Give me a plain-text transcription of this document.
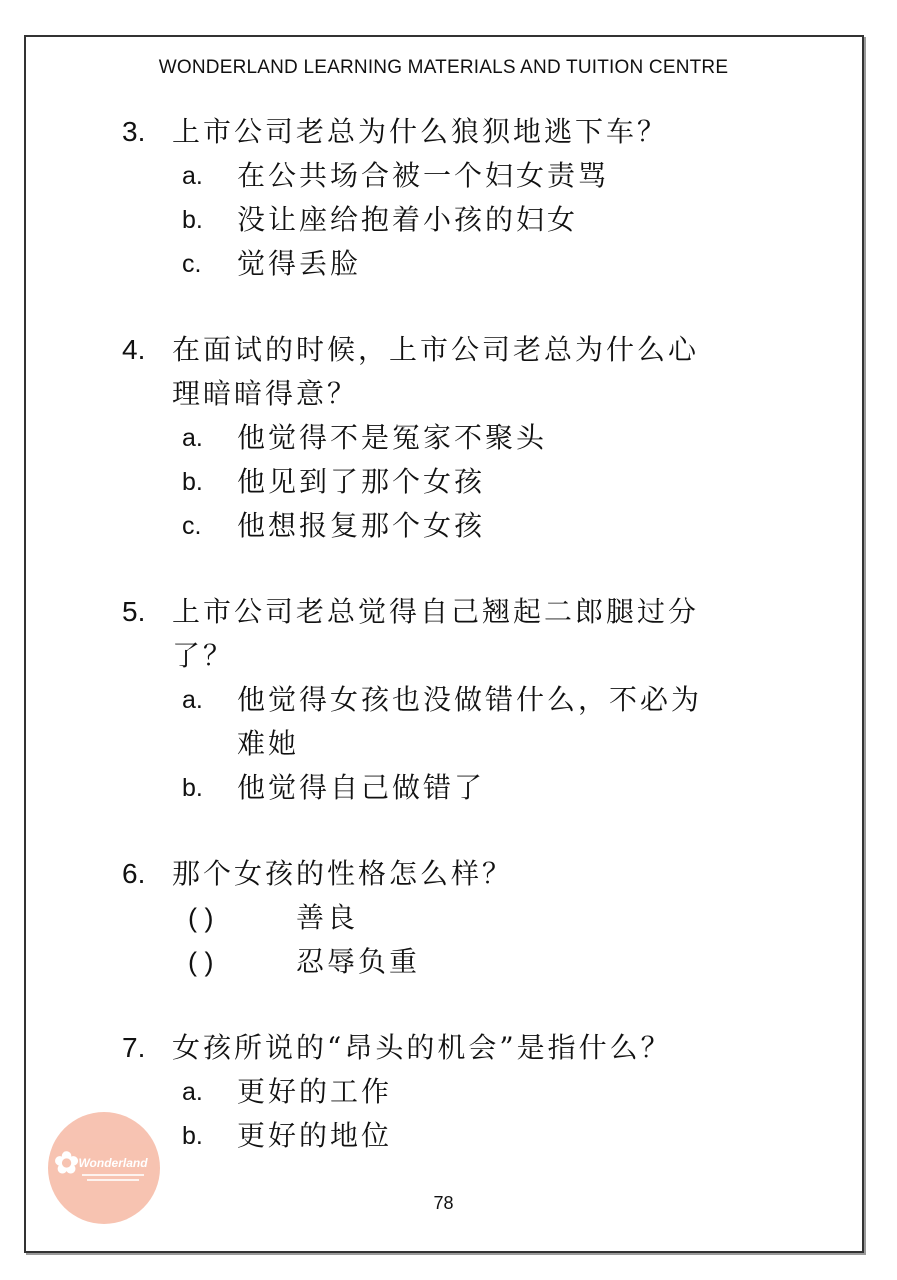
WONDERLAND LEARNING MATERIALS AND TUITION CENTRE
3. 上市公司老总为什么狼狈地逃下车？
a.	在公共场合被一个妇女责骂
b.	没让座给抱着小孩的妇女
c.	觉得丢脸
4. 在面试的时候，上市公司老总为什么心
理暗暗得意？
a.	他觉得不是冤家不聚头
b.	他见到了那个女孩
c.	他想报复那个女孩
5. 上市公司老总觉得自己翘起二郎腿过分
了？
a.	他觉得女孩也没做错什么，不必为
难她
b.	他觉得自己做错了
6. 那个女孩的性格怎么样？
( )	善良
( )	忍辱负重
7. 女孩所说的“昂头的机会”是指什么？
a.	更好的工作
b.	更好的地位
✿ Wonderland
78
